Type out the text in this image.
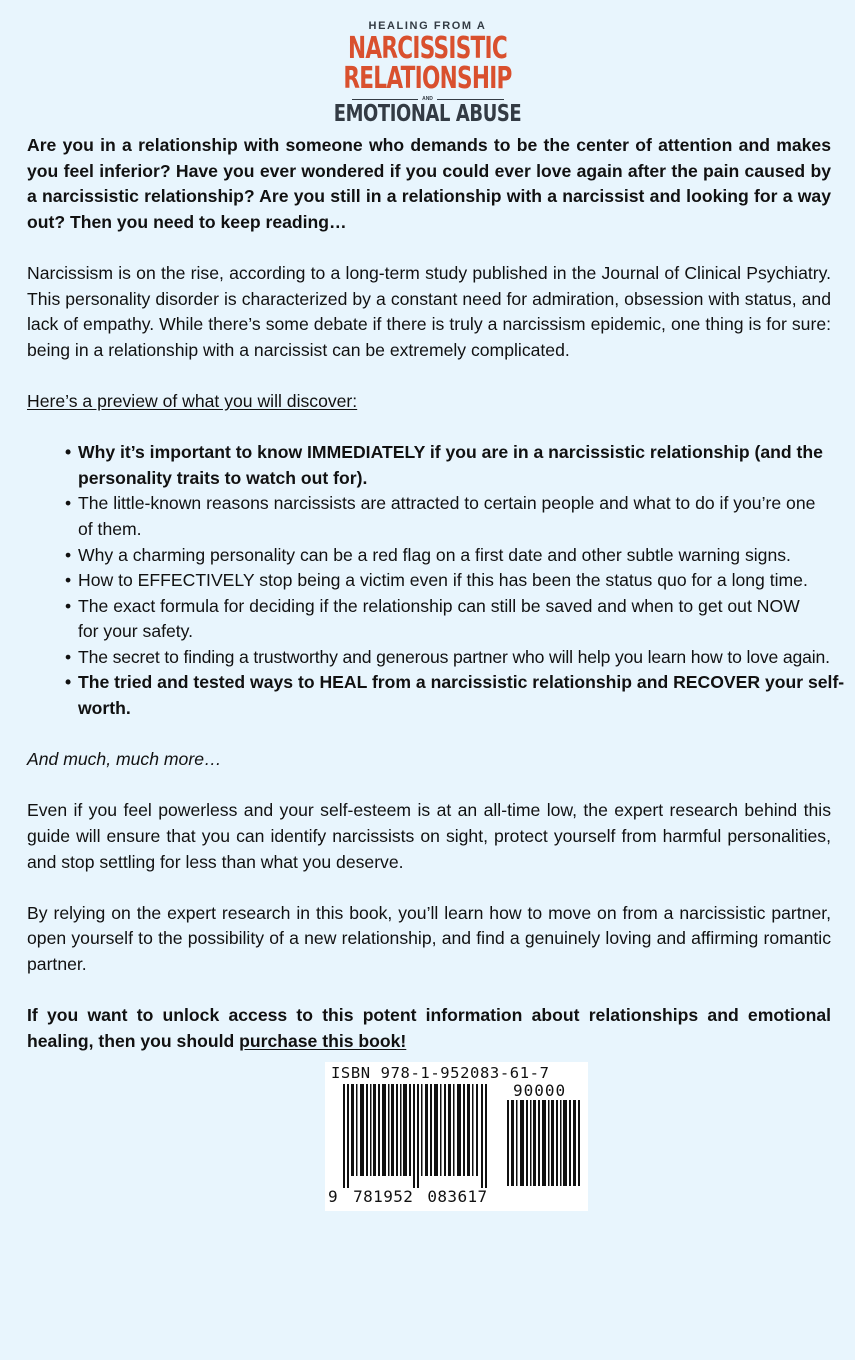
HEALING FROM A
NARCISSISTIC
RELATIONSHIP
AND
EMOTIONAL ABUSE

Are you in a relationship with someone who demands to be the center of attention and makes you feel inferior? Have you ever wondered if you could ever love again after the pain caused by a narcissistic relationship? Are you still in a relationship with a narcissist and looking for a way out? Then you need to keep reading…

Narcissism is on the rise, according to a long-term study published in the Journal of Clinical Psychiatry. This personality disorder is characterized by a constant need for admiration, obsession with status, and lack of empathy. While there’s some debate if there is truly a narcissism epidemic, one thing is for sure: being in a relationship with a narcissist can be extremely complicated.

Here’s a preview of what you will discover:

• Why it’s important to know IMMEDIATELY if you are in a narcissistic relationship (and the personality traits to watch out for).
• The little-known reasons narcissists are attracted to certain people and what to do if you’re one of them.
• Why a charming personality can be a red flag on a first date and other subtle warning signs.
• How to EFFECTIVELY stop being a victim even if this has been the status quo for a long time.
• The exact formula for deciding if the relationship can still be saved and when to get out NOW for your safety.
• The secret to finding a trustworthy and generous partner who will help you learn how to love again.
• The tried and tested ways to HEAL from a narcissistic relationship and RECOVER your self-worth.

And much, much more…

Even if you feel powerless and your self-esteem is at an all-time low, the expert research behind this guide will ensure that you can identify narcissists on sight, protect yourself from harmful personalities, and stop settling for less than what you deserve.

By relying on the expert research in this book, you’ll learn how to move on from a narcissistic partner, open yourself to the possibility of a new relationship, and find a genuinely loving and affirming romantic partner.

If you want to unlock access to this potent information about relationships and emotional healing, then you should purchase this book!

ISBN 978-1-952083-61-7
90000
9 781952 083617
